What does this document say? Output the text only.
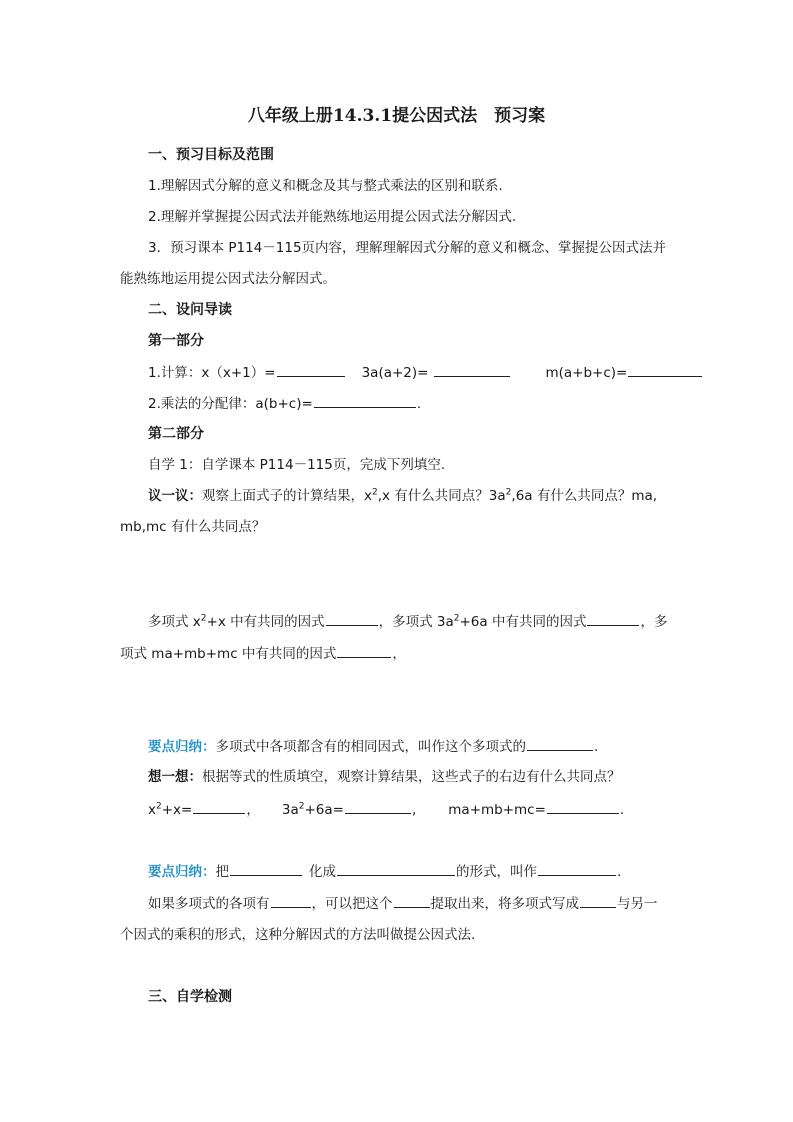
八年级上册14.3.1提公因式法　预习案
一、预习目标及范围
1.理解因式分解的意义和概念及其与整式乘法的区别和联系.
2.理解并掌握提公因式法并能熟练地运用提公因式法分解因式.
3．预习课本 P114－115页内容，理解理解因式分解的意义和概念、掌握提公因式法并
能熟练地运用提公因式法分解因式。
二、设问导读
第一部分
1.计算：x（x+1）=	3a(a+2)=	m(a+b+c)=
2.乘法的分配律：a(b+c)=	.
第二部分
自学 1：自学课本 P114－115页，完成下列填空.
议一议：观察上面式子的计算结果，$x^2,x$ 有什么共同点？$3a^2,6a$ 有什么共同点？ma,
mb,mc 有什么共同点？
多项式 $x^2+x$ 中有共同的因式	，多项式 $3a^2+6a$ 中有共同的因式	，多
项式 ma+mb+mc 中有共同的因式	，
要点归纳：多项式中各项都含有的相同因式，叫作这个多项式的	.
想一想：根据等式的性质填空，观察计算结果，这些式子的右边有什么共同点？
$x^2+x=$	， $3a^2+6a=$	, ma+mb+mc=	.
要点归纳：把	化成	的形式，叫作	.
如果多项式的各项有	，可以把这个	提取出来，将多项式写成	与另一
个因式的乘积的形式，这种分解因式的方法叫做提公因式法.
三、自学检测
